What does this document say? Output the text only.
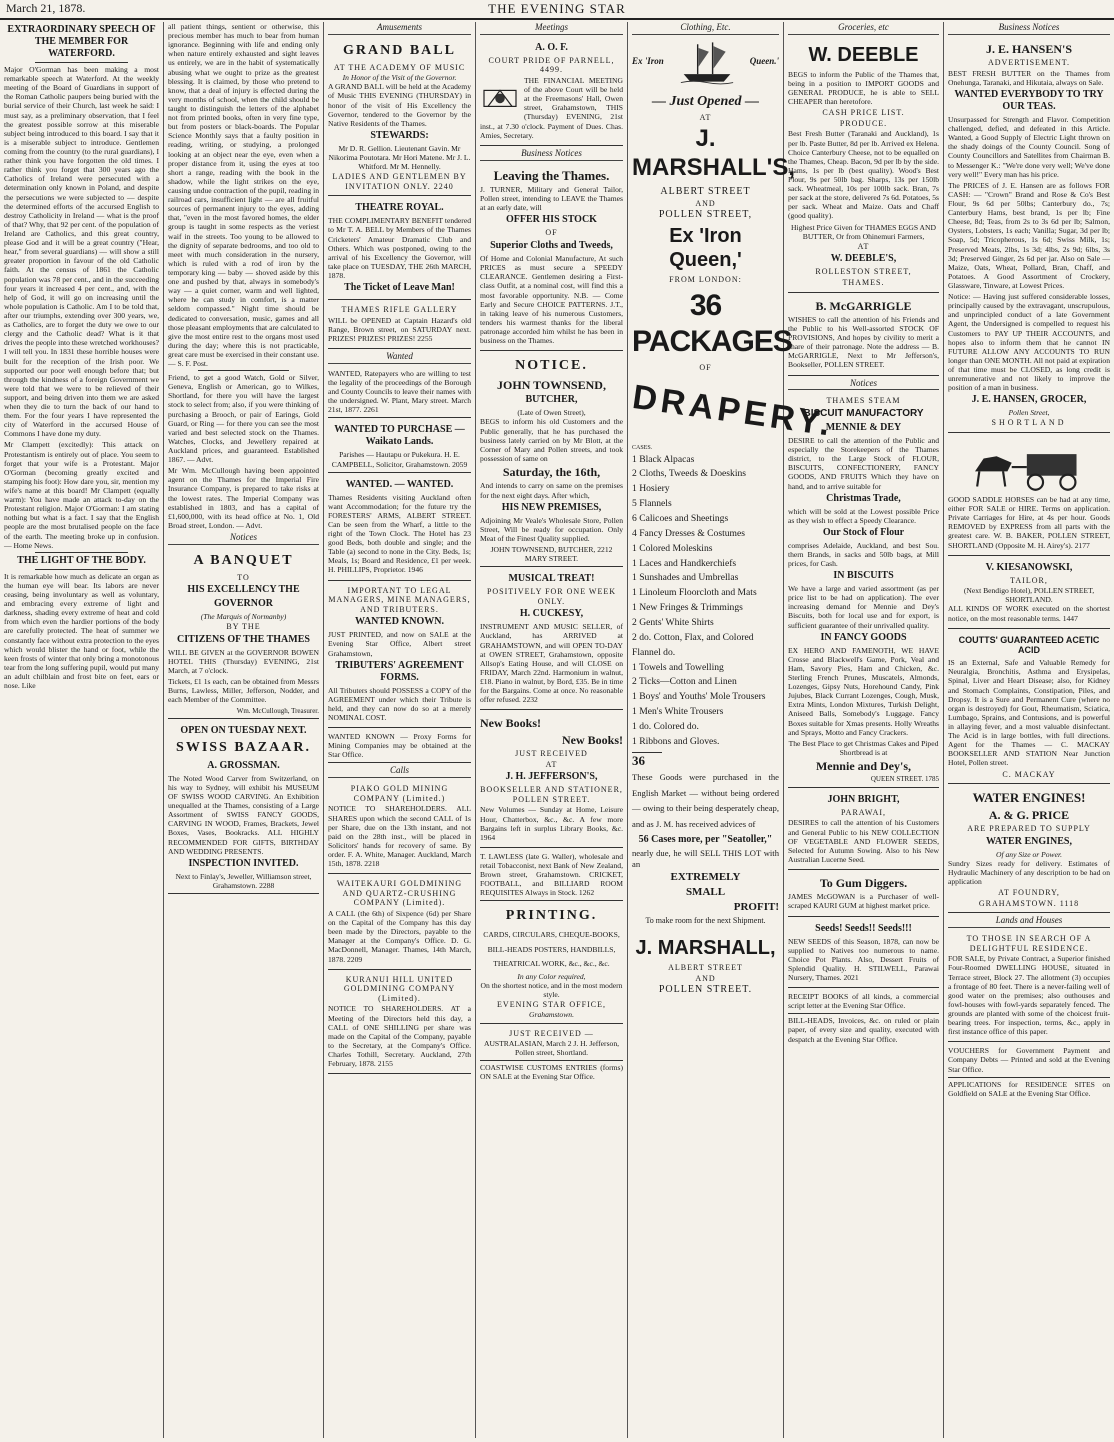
March 21, 1878.	THE EVENING STAR
EXTRAORDINARY SPEECH OF THE MEMBER FOR WATERFORD.

Major O'Gorman has been making a most remarkable speech at Waterford. At the weekly meeting of the Board of Guardians in support of the Roman Catholic paupers being buried with the burial service of their Church, last week he said: I must say, as a preliminary observation, that I feel the greatest possible sorrow at this miserable subject being introduced to this board. I say that it is a miserable subject to introduce. Gentlemen coming from the country (to the rural guardians), I rather think you have forgotten the old times. I rather think you forget that 300 years ago the Catholics of Ireland were persecuted with a determination only known in Poland, and despite the persecutions we were subjected to — despite the determined efforts of the accursed English to destroy Catholicity in Ireland — what is the proof of that? Why, that 92 per cent. of the population of Ireland are Catholics, and this great country, please God and it will be a great country ("Hear, hear," from several guardians) — will show a still greater proportion in favour of the old Catholic faith. At the census of 1861 the Catholic population was 78 per cent., and in the succeeding four years it increased 4 per cent., and, with the help of God, it will go on increasing until the whole population is Catholic. Am I to be told that, after our triumphs, extending over 300 years, we, as Catholics, are to forget the duty we owe to our clergy and the Catholic dead? What is it that drives the people into these wretched workhouses? I will tell you. In 1831 these horrible houses were built for the reception of the Irish poor. We supported our poor well enough before that; but through the kindness of a foreign Government we were told that we were to be relieved of their support, and being driven into them we are asked when they die to turn the back of our hand to them. For the four years I have represented the city of Waterford in the accursed House of Commons I have done my duty.

Mr Clampett (excitedly): This attack on Protestantism is entirely out of place. You seem to forget that your wife is a Protestant. Major O'Gorman (becoming greatly excited and stamping his foot): How dare you, sir, mention my wife's name at this board! Mr Clampett (equally warm): You have made an attack to-day on the Protestant religion. Major O'Gorman: I am stating nothing but what is a fact. I say that the English people are the most brutalised people on the face of the earth. The meeting broke up in confusion. — Home News.

THE LIGHT OF THE BODY.

It is remarkable how much as delicate an organ as the human eye will bear. Its labors are never ceasing, being involuntary as well as voluntary, and embracing every extreme of light and darkness, shading every extreme of heat and cold from which even the hardier portions of the body are carefully protected. The heat of summer we constantly face without extra protection to the eyes which would blister the hand or foot, while the keen frosts of winter that only bring a monotonous tear from the long suffering pupil, would put many an adult chilblain and frost bite on feet, ears or nose. Like

all patient things, sentient or otherwise, this precious member has much to bear from human ignorance. Beginning with life and ending only when nature entirely exhausted and sight leaves us entirely, we are in the habit of systematically abusing what we ought to prize as the greatest blessing. It is claimed, by those who pretend to know, that a deal of injury is effected during the very months of school, when the child should be taught to distinguish the letters of the alphabet not from printed books, often in very fine type, but from posters or black-boards. The Popular Science Monthly says that a faulty position in reading, writing, or studying, a prolonged looking at an object near the eye, even when a proper distance from it, using the eyes at too short a range, reading with the book in the shadow, while the light strikes on the eye, causing undue contraction of the pupil, reading in railroad cars, insufficient light — are all fruitful sources of permanent injury to the eyes, adding that, "even in the most favored homes, the elder group is taught in some respects as the veriest waif in the streets. Too young to be allowed to the dignity of separate bedrooms, and too old to meet with much consideration in the nursery, which is ruled with a rod of iron by the temporary king — baby — shoved aside by this one and pushed by that, always in somebody's way — a quiet corner, warm and well lighted, where he can study in comfort, is a matter seldom compassed." Night time should be dedicated to conversation, music, games and all those pleasant employments that are calculated to give the most entire rest to the organs most used during the day; where this is not practicable, great care must be exercised in their constant use. — S. F. Post.

Friend, to get a good Watch, Gold or Silver, Geneva, English or American, go to Wilkes, Shortland, for there you will have the largest stock to select from; also, if you were thinking of purchasing a Brooch, or pair of Earings, Gold Guard, or Ring — for there you can see the most varied and best selected stock on the Thames. Watches, Clocks, and Jewellery repaired at Auckland prices, and guaranteed. Established 1867. — Advt.

Mr Wm. McCullough having been appointed agent on the Thames for the Imperial Fire Insurance Company, is prepared to take risks at the lowest rates. The Imperial Company was established in 1803, and has a capital of £1,600,000, with its head office at No. 1, Old Broad street, London. — Advt.

Notices
A BANQUET
TO
HIS EXCELLENCY THE
GOVERNOR
(The Marquis of Normanby)
BY THE
CITIZENS OF THE THAMES

WILL BE GIVEN at the GOVERNOR BOWEN HOTEL THIS (Thursday) EVENING, 21st March, at 7 o'clock.

Tickets, £1 1s each, can be obtained from Messrs Burns, Lawless, Miller, Jefferson, Nodder, and each Member of the Committee.

Wm. McCullough, Treasurer.
OPEN ON TUESDAY NEXT.
SWISS BAZAAR.
A. GROSSMAN.

The Noted Wood Carver from Switzerland, on his way to Sydney, will exhibit his MUSEUM OF SWISS WOOD CARVING. An Exhibition unequalled at the Thames, consisting of a Large Assortment of SWISS FANCY GOODS, CARVING IN WOOD, Frames, Brackets, Jewel Boxes, Vases, Bookracks. ALL HIGHLY RECOMMENDED FOR GIFTS, BIRTHDAY AND WEDDING PRESENTS.

INSPECTION INVITED.
Next to Finlay's, Jeweller, Williamson street, Grahamstown. 2288
Amusements
GRAND BALL
AT THE ACADEMY OF MUSIC
In Honor of the Visit of the Governor.

A GRAND BALL will be held at the Academy of Music THIS EVENING (THURSDAY) in honor of the visit of His Excellency the Governor, tendered to the Governor by the Native Residents of the Thames.

STEWARDS:
Mr D. R. Gellion. Lieutenant Gavin. Mr Nikorima Poutotara. Mr Hori Matene. Mr J. L. Whitford. Mr M. Hennelly.
LADIES AND GENTLEMEN BY INVITATION ONLY. 2240
THEATRE ROYAL.

THE COMPLIMENTARY BENEFIT tendered to Mr T. A. BELL by Members of the Thames Cricketers' Amateur Dramatic Club and Others. Which was postponed, owing to the arrival of his Excellency the Governor, will take place on TUESDAY, THE 26th MARCH, 1878.

The Ticket of Leave Man!
THAMES RIFLE GALLERY

WILL be OPENED at Captain Hazard's old Range, Brown street, on SATURDAY next. PRIZES! PRIZES! PRIZES! 2255

Wanted

WANTED, Ratepayers who are willing to test the legality of the proceedings of the Borough and County Councils to leave their names with the undersigned. W. Plant, Mary street. March 21st, 1877. 2261

WANTED TO PURCHASE — Waikato Lands.
Parishes — Hautapu or Pukekura. H. E. CAMPBELL, Solicitor, Grahamstown. 2059
WANTED. — WANTED.

Thames Residents visiting Auckland often want Accommodation; for the future try the FORESTERS' ARMS, ALBERT STREET. Can be seen from the Wharf, a little to the right of the Town Clock. The Hotel has 23 good Beds, both double and single; and the Table (a) second to none in the City. Beds, 1s; Meals, 1s; Board and Residence, £1 per week. H. PHILLIPS, Proprietor. 1946

IMPORTANT TO LEGAL MANAGERS, MINE MANAGERS, AND TRIBUTERS.
WANTED KNOWN.

JUST PRINTED, and now on SALE at the Evening Star Office, Albert street Grahamstown,

TRIBUTERS' AGREEMENT FORMS.

All Tributers should POSSESS a COPY of the AGREEMENT under which their Tribute is held, and they can now do so at a merely NOMINAL COST.

WANTED KNOWN — Proxy Forms for Mining Companies may be obtained at the Star Office.

Calls
PIAKO GOLD MINING COMPANY (Limited.)

NOTICE TO SHAREHOLDERS. ALL SHARES upon which the second CALL of 1s per Share, due on the 13th instant, and not paid on the 28th inst., will be placed in Solicitors' hands for recovery of same. By order. F. A. White, Manager. Auckland, March 15th, 1878. 2218

WAITEKAURI GOLDMINING AND QUARTZ-CRUSHING COMPANY (Limited).

A CALL (the 6th) of Sixpence (6d) per Share on the Capital of the Company has this day been made by the Directors, payable to the Manager at the Company's Office. D. G. MacDonnell, Manager. Thames, 14th March, 1878. 2209

KURANUI HILL UNITED GOLDMINING COMPANY (Limited).

NOTICE TO SHAREHOLDERS. AT a Meeting of the Directors held this day, a CALL of ONE SHILLING per share was made on the Capital of the Company, payable to the Secretary, at the Company's Office. Charles Tothill, Secretary. Auckland, 27th February, 1878. 2155

Meetings
A. O. F.
COURT PRIDE OF PARNELL, 4499.

THE FINANCIAL MEETING of the above Court will be held at the Freemasons' Hall, Owen street, Grahamstown, THIS (Thursday) EVENING, 21st inst., at 7.30 o'clock. Payment of Dues. Chas. Amies, Secretary.

Business Notices
Leaving the Thames.

J. TURNER, Military and General Tailor, Pollen street, intending to LEAVE the Thames at an early date, will

OFFER HIS STOCK
OF
Superior Cloths and Tweeds,

Of Home and Colonial Manufacture, At such PRICES as must secure a SPEEDY CLEARANCE. Gentlemen desiring a First-class Outfit, at a nominal cost, will find this a most favorable opportunity. N.B. — Come Early and Secure CHOICE PATTERNS. J.T., in taking leave of his numerous Customers, tenders his warmest thanks for the liberal patronage accorded him whilst he has been in business on the Thames.

NOTICE.
JOHN TOWNSEND,
BUTCHER,
(Late of Owen Street),

BEGS to inform his old Customers and the Public generally, that he has purchased the business lately carried on by Mr Blott, at the Corner of Mary and Pollen streets, and took possession of same on

Saturday, the 16th,

And intends to carry on same on the premises for the next eight days. After which,

HIS NEW PREMISES,

Adjoining Mr Veale's Wholesale Store, Pollen Street, Will be ready for occupation. Only Meat of the Finest Quality supplied.

JOHN TOWNSEND, BUTCHER, 2212 MARY STREET.
MUSICAL TREAT!
POSITIVELY FOR ONE WEEK ONLY.
H. CUCKESY,

INSTRUMENT AND MUSIC SELLER, of Auckland, has ARRIVED at GRAHAMSTOWN, and will OPEN TO-DAY at OWEN STREET, Grahamstown, opposite Allsop's Eating House, and will CLOSE on FRIDAY, March 22nd. Harmonium in walnut, £18. Piano in walnut, by Bord, £35. Be in time for the Bargains. Come at once. No reasonable offer refused. 2232

New Books!
New Books!
JUST RECEIVED
AT
J. H. JEFFERSON'S,
BOOKSELLER AND STATIONER, POLLEN STREET.

New Volumes — Sunday at Home, Leisure Hour, Chatterbox, &c., &c. A few more Bargains left in surplus Library Books, &c. 1964

T. LAWLESS (late G. Waller), wholesale and retail Tobacconist, next Bank of New Zealand, Brown street, Grahamstown. CRICKET, FOOTBALL, and BILLIARD ROOM REQUISITES Always in Stock. 1262

PRINTING.
CARDS, CIRCULARS, CHEQUE-BOOKS, BILL-HEADS POSTERS, HANDBILLS, THEATRICAL WORK, &c., &c., &c.
In any Color required,
On the shortest notice, and in the most modern style.
EVENING STAR OFFICE,
Grahamstown.
JUST RECEIVED —
AUSTRALASIAN, March 2 J. H. Jefferson, Pollen street, Shortland.

COASTWISE CUSTOMS ENTRIES (forms) ON SALE at the Evening Star Office.

Clothing, Etc.
Ex 'Iron	Queen.'
— Just Opened —
AT
J. MARSHALL'S,
ALBERT STREET
AND
POLLEN STREET,
Ex 'Iron Queen,'
FROM LONDON:
36 PACKAGES
OF
DRAPERY.
CASES.
1 Black Alpacas
2 Cloths, Tweeds & Doeskins
1 Hosiery
5 Flannels
6 Calicoes and Sheetings
4 Fancy Dresses & Costumes
1 Colored Moleskins
1 Laces and Handkerchiefs
1 Sunshades and Umbrellas
1 Linoleum Floorcloth and Mats
1 New Fringes & Trimmings
2 Gents' White Shirts
2 do. Cotton, Flax, and Colored Flannel do.
1 Towels and Towelling
2 Ticks—Cotton and Linen
1 Boys' and Youths' Mole Trousers
1 Men's White Trousers
1 do. Colored do.
1 Ribbons and Gloves.
36

These Goods were purchased in the English Market — without being ordered — owing to their being desperately cheap, and as J. M. has received advices of

56 Cases more, per "Seatoller,"

nearly due, he will SELL THIS LOT with an

EXTREMELY
SMALL
PROFIT!
To make room for the next Shipment.
J. MARSHALL,
ALBERT STREET
AND
POLLEN STREET.
Groceries, etc
W. DEEBLE

BEGS to inform the Public of the Thames that, being in a position to IMPORT GOODS and GENERAL PRODUCE, he is able to SELL CHEAPER than heretofore.

CASH PRICE LIST.
PRODUCE.

Best Fresh Butter (Taranaki and Auckland), 1s per lb. Paste Butter, 8d per lb. Arrived ex Helena. Choice Canterbury Cheese, not to be equalled on the Thames, Cheap. Bacon, 9d per lb by the side. Hams, 1s per lb (best quality). Wood's Best Flour, 9s per 50lb bag. Sharps, 13s per 150lb sack. Wheatmeal, 10s per 100lb sack. Bran, 7s per sack at the store, delivered 7s 6d. Potatoes, 5s per sack. Wheat and Maize. Oats and Chaff (good quality).

Highest Price Given for THAMES EGGS AND BUTTER, Or from Ohinemuri Farmers,
AT
W. DEEBLE'S,
ROLLESTON STREET,
THAMES.
B. McGARRIGLE

WISHES to call the attention of his Friends and the Public to his Well-assorted STOCK OF PROVISIONS, And hopes by civility to merit a share of their patronage. Note the address — B. McGARRIGLE, Next to Mr Jefferson's, Bookseller, POLLEN STREET.

Notices
THAMES STEAM
BISCUIT MANUFACTORY
MENNIE & DEY

DESIRE to call the attention of the Public and especially the Storekeepers of the Thames district, to the Large Stock of FLOUR, BISCUITS, CONFECTIONERY, FANCY GOODS, AND FRUITS Which they have on hand, and to arrive suitable for

Christmas Trade,

which will be sold at the Lowest possible Price as they wish to effect a Speedy Clearance.

Our Stock of Flour

comprises Adelaide, Auckland, and best Sou. thern Brands, in sacks and 50lb bags, at Mill prices, for Cash.

IN BISCUITS

We have a large and varied assortment (as per price list to be had on application). The ever increasing demand for Mennie and Dey's Biscuits, both for local use and for export, is sufficient guarantee of their unrivalled quality.

IN FANCY GOODS

EX HERO AND FAMENOTH, WE HAVE Crosse and Blackwell's Game, Pork, Veal and Ham, Savory Pies, Ham and Chicken, &c. Sterling French Prunes, Muscatels, Almonds, Lozenges, Gipsy Nuts, Horehound Candy, Pink Jujubes, Black Currant Lozenges, Cough, Musk, Extra Mints, London Mixtures, Turkish Delight, Aniseed Balls, Somebody's Luggage. Fancy Boxes suitable for Xmas presents. Holly Wreaths and Sprays, Motto and Fancy Crackers.

The Best Place to get Christmas Cakes and Piped Shortbread is at
Mennie and Dey's,
QUEEN STREET. 1785
JOHN BRIGHT,
PARAWAI,

DESIRES to call the attention of his Customers and General Public to his NEW COLLECTION OF VEGETABLE AND FLOWER SEEDS, Selected for Autumn Sowing. Also to his New Australian Lucerne Seed.

To Gum Diggers.

JAMES McGOWAN is a Purchaser of well-scraped KAURI GUM at highest market price.

Seeds! Seeds!! Seeds!!!

NEW SEEDS of this Season, 1878, can now be supplied to Natives too numerous to name. Choice Pot Plants. Also, Dessert Fruits of Splendid Quality. H. STILWELL, Parawai Nursery, Thames. 2021

RECEIPT BOOKS of all kinds, a commercial script letter at the Evening Star Office.

BILL-HEADS, Invoices, &c. on ruled or plain paper, of every size and quality, executed with despatch at the Evening Star Office.

Business Notices
J. E. HANSEN'S
ADVERTISEMENT.

BEST FRESH BUTTER on the Thames from Onehunga, Taranaki, and Hikutaia, always on Sale.

WANTED EVERYBODY TO TRY OUR TEAS.

Unsurpassed for Strength and Flavor. Competition challenged, defied, and defeated in this Article. Wanted, a Good Supply of Electric Light thrown on the shady doings of the County Council. Song of County Councillors and Satellites from Chairman B. to Messenger K.: "We're done very well; We've done very well!" Every man has his price.

The PRICES of J. E. Hansen are as follows FOR CASH: — "Crown" Brand and Rose & Co's Best Flour, 9s 6d per 50lbs; Canterbury do., 7s; Canterbury Hams, best brand, 1s per lb; Fine Cheese, 8d; Teas, from 2s to 3s 6d per lb; Salmon, Oysters, Lobsters, 1s each; Vanilla; Sugar, 3d per lb; Soap, 5d; Tricopherous, 1s 6d; Swiss Milk, 1s; Preserved Meats, 2lbs, 1s 3d; 4lbs, 2s 9d; 6lbs, 3s 3d; Preserved Ginger, 2s 6d per jar. Also on Sale — Maize, Oats, Wheat, Pollard, Bran, Chaff, and Potatoes. A Good Assortment of Crockery, Glassware, Tinware, at Lowest Prices.

Notice: — Having just suffered considerable losses, principally caused by the extravagant, unscrupulous, and unprincipled conduct of a late Government Agent, the Undersigned is compelled to request his Customers to PAY UP THEIR ACCOUNTS, and hopes also to inform them that he cannot IN FUTURE ALLOW ANY ACCOUNTS TO RUN longer than ONE MONTH. All not paid at expiration of that time must be CLOSED, as long credit is unremunerative and not likely to improve the position of a man in business.

J. E. HANSEN, GROCER,
Pollen Street,
SHORTLAND

GOOD SADDLE HORSES can be had at any time, either FOR SALE or HIRE. Terms on application. Private Carriages for Hire, at 4s per hour. Goods REMOVED by EXPRESS from all parts with the greatest care. W. B. BAKER, POLLEN STREET, SHORTLAND (Opposite M. H. Airey's). 2177

V. KIESANOWSKI,
TAILOR,
(Next Bendigo Hotel), POLLEN STREET, SHORTLAND.

ALL KINDS OF WORK executed on the shortest notice, on the most reasonable terms. 1447

COUTTS' GUARANTEED ACETIC ACID

IS an External, Safe and Valuable Remedy for Neuralgia, Bronchitis, Asthma and Erysipelas, Spinal, Liver and Heart Disease; also, for Kidney and Stomach Complaints, Constipation, Piles, and Dropsy. It is a Sure and Permanent Cure (where no organ is destroyed) for Gout, Rheumatism, Sciatica, Lumbago, Sprains, and Contusions, and is powerful in allaying fever, and a most valuable disinfectant. The Acid is in large bottles, with full directions. Agent for the Thames — C. MACKAY BOOKSELLER AND STATION Near Junction Hotel, Pollen street.

C. MACKAY
WATER ENGINES!
A. & G. PRICE
ARE PREPARED TO SUPPLY
WATER ENGINES,
Of any Size or Power.

Sundry Sizes ready for delivery. Estimates of Hydraulic Machinery of any description to be had on application

AT FOUNDRY,
GRAHAMSTOWN. 1118
Lands and Houses
TO THOSE IN SEARCH OF A DELIGHTFUL RESIDENCE.

FOR SALE, by Private Contract, a Superior finished Four-Roomed DWELLING HOUSE, situated in Terrace street, Block 27. The allotment (3) occupies a frontage of 80 feet. There is a never-failing well of good water on the premises; also outhouses and fowl-houses with fowl-yards separately fenced. The grounds are planted with some of the choicest fruit-bearing trees. For inspection, terms, &c., apply in first instance office of this paper.

VOUCHERS for Government Payment and Company Debts — Printed and sold at the Evening Star Office.

APPLICATIONS for RESIDENCE SITES on Goldfield on SALE at the Evening Star Office.
